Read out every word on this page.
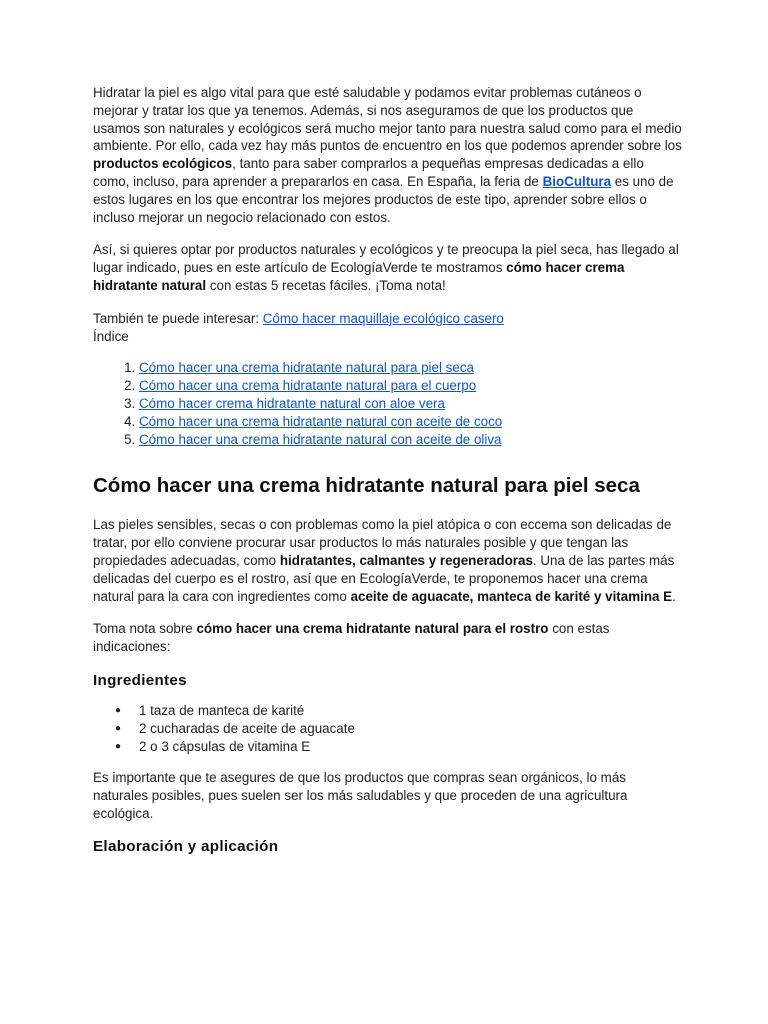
Hidratar la piel es algo vital para que esté saludable y podamos evitar problemas cutáneos o mejorar y tratar los que ya tenemos. Además, si nos aseguramos de que los productos que usamos son naturales y ecológicos será mucho mejor tanto para nuestra salud como para el medio ambiente. Por ello, cada vez hay más puntos de encuentro en los que podemos aprender sobre los productos ecológicos, tanto para saber comprarlos a pequeñas empresas dedicadas a ello como, incluso, para aprender a prepararlos en casa. En España, la feria de BioCultura es uno de estos lugares en los que encontrar los mejores productos de este tipo, aprender sobre ellos o incluso mejorar un negocio relacionado con estos.

Así, si quieres optar por productos naturales y ecológicos y te preocupa la piel seca, has llegado al lugar indicado, pues en este artículo de EcologíaVerde te mostramos cómo hacer crema hidratante natural con estas 5 recetas fáciles. ¡Toma nota!

También te puede interesar: Cómo hacer maquillaje ecológico casero

Índice

1. Cómo hacer una crema hidratante natural para piel seca
2. Cómo hacer una crema hidratante natural para el cuerpo
3. Cómo hacer crema hidratante natural con aloe vera
4. Cómo hacer una crema hidratante natural con aceite de coco
5. Cómo hacer una crema hidratante natural con aceite de oliva
Cómo hacer una crema hidratante natural para piel seca

Las pieles sensibles, secas o con problemas como la piel atópica o con eccema son delicadas de tratar, por ello conviene procurar usar productos lo más naturales posible y que tengan las propiedades adecuadas, como hidratantes, calmantes y regeneradoras. Una de las partes más delicadas del cuerpo es el rostro, así que en EcologíaVerde, te proponemos hacer una crema natural para la cara con ingredientes como aceite de aguacate, manteca de karité y vitamina E.

Toma nota sobre cómo hacer una crema hidratante natural para el rostro con estas indicaciones:

Ingredientes
● 1 taza de manteca de karité
● 2 cucharadas de aceite de aguacate
● 2 o 3 cápsulas de vitamina E

Es importante que te asegures de que los productos que compras sean orgánicos, lo más naturales posibles, pues suelen ser los más saludables y que proceden de una agricultura ecológica.

Elaboración y aplicación
